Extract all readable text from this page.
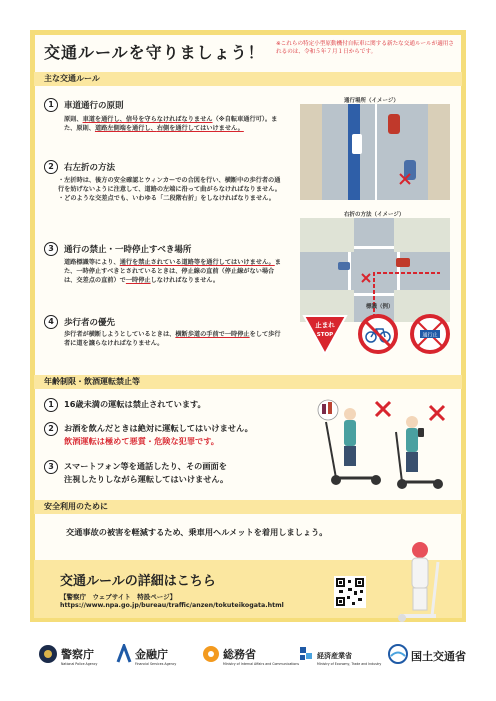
交通ルールを守りましょう！ ※これらの特定小型原動機付自転車に関する新たな交通ルールが適用されるのは、令和５年７月１日からです。
主な交通ルール
1	車道通行の原則
原則、車道を通行し、信号を守らなければなりません（※自転車通行可）。また、原則、道路左側端を通行し、右側を通行してはいけません。
2	右左折の方法
・左折時は、後方の安全確認とウィンカーでの合図を行い、横断中の歩行者の通行を妨げないように注意して、道路の左端に沿って曲がらなければなりません。
・どのような交差点でも、いわゆる「二段階右折」をしなければなりません。
3	通行の禁止・一時停止すべき場所
道路標識等により、通行を禁止されている道路等を通行してはいけません。また、一時停止すべきとされているときは、停止線の直前（停止線がない場合は、交差点の直前）で一時停止しなければなりません。
4	歩行者の優先
歩行者が横断しようとしているときは、横断歩道の手前で一時停止をして歩行者に道を譲らなければなりません。
通行場所（イメージ）
右折の方法（イメージ）
標識（例）
止まれ
STOP	通行止
年齢制限・飲酒運転禁止等
1	16歳未満の運転は禁止されています。
2	お酒を飲んだときは絶対に運転してはいけません。
飲酒運転は極めて悪質・危険な犯罪です。
3	スマートフォン等を通話したり、その画面を
注視したりしながら運転してはいけません。
安全利用のために
交通事故の被害を軽減するため、乗車用ヘルメットを着用しましょう。
交通ルールの詳細はこちら
【警察庁　ウェブサイト　特設ページ】
https://www.npa.go.jp/bureau/traffic/anzen/tokuteikogata.html
警察庁
National Police Agency
金融庁
Financial Services Agency
総務省
Ministry of Internal Affairs and Communications
経済産業省
Ministry of Economy, Trade and Industry
国土交通省
